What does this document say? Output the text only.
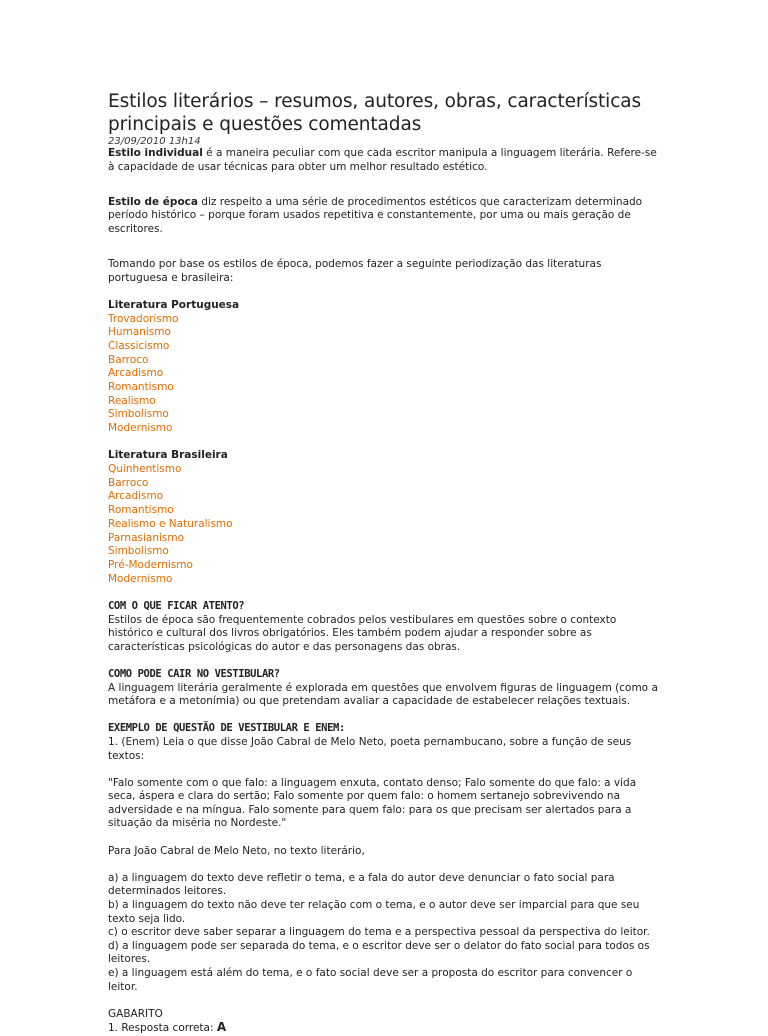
Estilos literários – resumos, autores, obras, características principais e questões comentadas
23/09/2010 13h14

Estilo individual é a maneira peculiar com que cada escritor manipula a linguagem literária. Refere-se à capacidade de usar técnicas para obter um melhor resultado estético.

Estilo de época diz respeito a uma série de procedimentos estéticos que caracterizam determinado período histórico – porque foram usados repetitiva e constantemente, por uma ou mais geração de escritores.

Tomando por base os estilos de época, podemos fazer a seguinte periodização das literaturas portuguesa e brasileira:

Literatura Portuguesa
Trovadorismo
Humanismo
Classicismo
Barroco
Arcadismo
Romantismo
Realismo
Simbolismo
Modernismo
Literatura Brasileira
Quinhentismo
Barroco
Arcadismo
Romantismo
Realismo e Naturalismo
Parnasianismo
Simbolismo
Pré-Modernismo
Modernismo
COM O QUE FICAR ATENTO?

Estilos de época são frequentemente cobrados pelos vestibulares em questões sobre o contexto histórico e cultural dos livros obrigatórios. Eles também podem ajudar a responder sobre as características psicológicas do autor e das personagens das obras.

COMO PODE CAIR NO VESTIBULAR?

A linguagem literária geralmente é explorada em questões que envolvem figuras de linguagem (como a metáfora e a metonímia) ou que pretendam avaliar a capacidade de estabelecer relações textuais.

EXEMPLO DE QUESTÃO DE VESTIBULAR E ENEM:

1. (Enem) Leia o que disse João Cabral de Melo Neto, poeta pernambucano, sobre a função de seus textos:

"Falo somente com o que falo: a linguagem enxuta, contato denso; Falo somente do que falo: a vida seca, áspera e clara do sertão; Falo somente por quem falo: o homem sertanejo sobrevivendo na adversidade e na míngua. Falo somente para quem falo: para os que precisam ser alertados para a situação da miséria no Nordeste."

Para João Cabral de Melo Neto, no texto literário,

a) a linguagem do texto deve refletir o tema, e a fala do autor deve denunciar o fato social para determinados leitores.

b) a linguagem do texto não deve ter relação com o tema, e o autor deve ser imparcial para que seu texto seja lido.

c) o escritor deve saber separar a linguagem do tema e a perspectiva pessoal da perspectiva do leitor.

d) a linguagem pode ser separada do tema, e o escritor deve ser o delator do fato social para todos os leitores.

e) a linguagem está além do tema, e o fato social deve ser a proposta do escritor para convencer o leitor.

GABARITO

1. Resposta correta: A
